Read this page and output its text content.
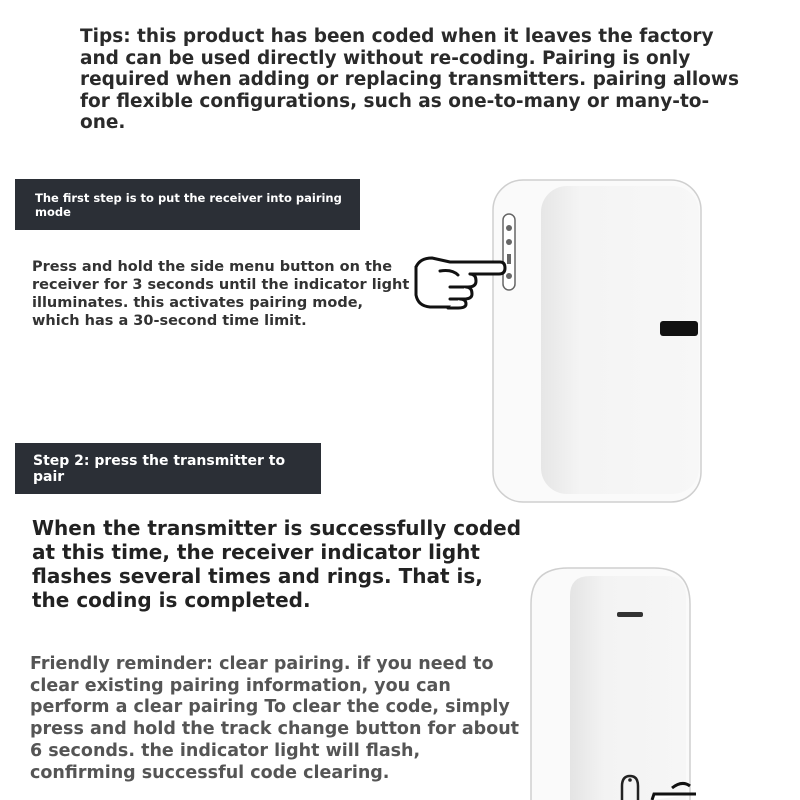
Tips: this product has been coded when it leaves the factory and can be used directly without re-coding. Pairing is only required when adding or replacing transmitters. pairing allows for flexible configurations, such as one-to-many or many-to-one.

The first step is to put the receiver into pairing mode

Press and hold the side menu button on the receiver for 3 seconds until the indicator light illuminates. this activates pairing mode, which has a 30-second time limit.

Step 2: press the transmitter to pair

When the transmitter is successfully coded at this time, the receiver indicator light flashes several times and rings. That is, the coding is completed.

Friendly reminder: clear pairing. if you need to clear existing pairing information, you can perform a clear pairing To clear the code, simply press and hold the track change button for about 6 seconds. the indicator light will flash, confirming successful code clearing.
